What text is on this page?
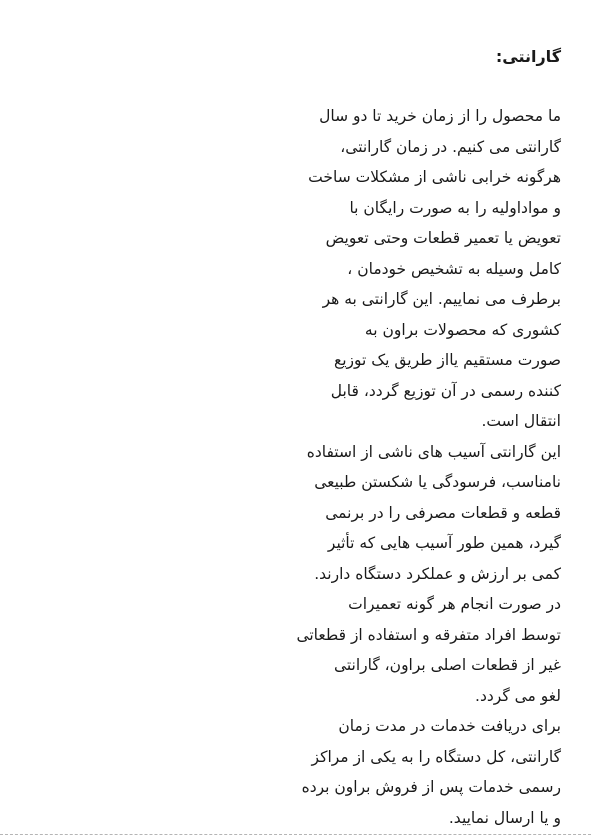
گارانتی:
ما محصول را از زمان خرید تا دو سال
گارانتی می کنیم. در زمان گارانتی،
هرگونه خرابی ناشی از مشکلات ساخت
و مواداولیه را به صورت رایگان با
تعویض یا تعمیر قطعات وحتی تعویض
کامل وسیله به تشخیص خودمان ،
برطرف می نماییم. این گارانتی به هر
کشوری که محصولات براون به
صورت مستقیم یااز طریق یک توزیع
کننده رسمی در آن توزیع گردد، قابل
انتقال است.
این گارانتی آسیب های ناشی از استفاده
نامناسب، فرسودگی یا شکستن طبیعی
قطعه و قطعات مصرفی را در برنمی
گیرد، همین طور آسیب هایی که تأثیر
کمی بر ارزش و عملکرد دستگاه دارند.
در صورت انجام هر گونه تعمیرات
توسط افراد متفرقه و استفاده از قطعاتی
غیر از قطعات اصلی براون، گارانتی
لغو می گردد.
برای دریافت خدمات در مدت زمان
گارانتی، کل دستگاه را به یکی از مراکز
رسمی خدمات پس از فروش براون برده
و یا ارسال نمایید.
